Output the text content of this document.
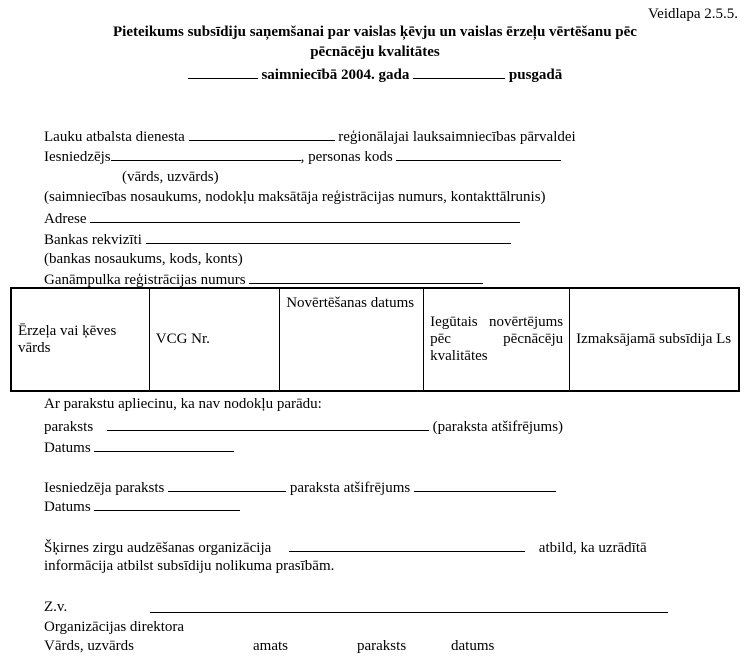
Veidlapa 2.5.5.
Pieteikums subsīdiju saņemšanai par vaislas ķēvju un vaislas ērzeļu vērtēšanu pēc
pēcnācēju kvalitātes
saimniecībā 2004. gada	pusgadā
Lauku atbalsta dienesta	reģionālajai lauksaimniecības pārvaldei
Iesniedzējs	, personas kods
(vārds, uzvārds)
(saimniecības nosaukums, nodokļu maksātāja reģistrācijas numurs, kontakttālrunis)
Adrese
Bankas rekvizīti
(bankas nosaukums, kods, konts)
Ganāmpulka reģistrācijas numurs
Ērzeļa vai ķēves vārds	VCG Nr.	Novērtēšanas datums	Iegūtais novērtējums pēc pēcnācēju kvalitātes	Izmaksājamā subsīdija Ls
Ar parakstu apliecinu, ka nav nodokļu parādu:
paraksts	(paraksta atšifrējums)
Datums
Iesniedzēja paraksts	paraksta atšifrējums
Datums
Šķirnes zirgu audzēšanas organizācija	atbild, ka uzrādītā
informācija atbilst subsīdiju nolikuma prasībām.
Z.v.
Organizācijas direktora
Vārds, uzvārds	amats	paraksts	datums
